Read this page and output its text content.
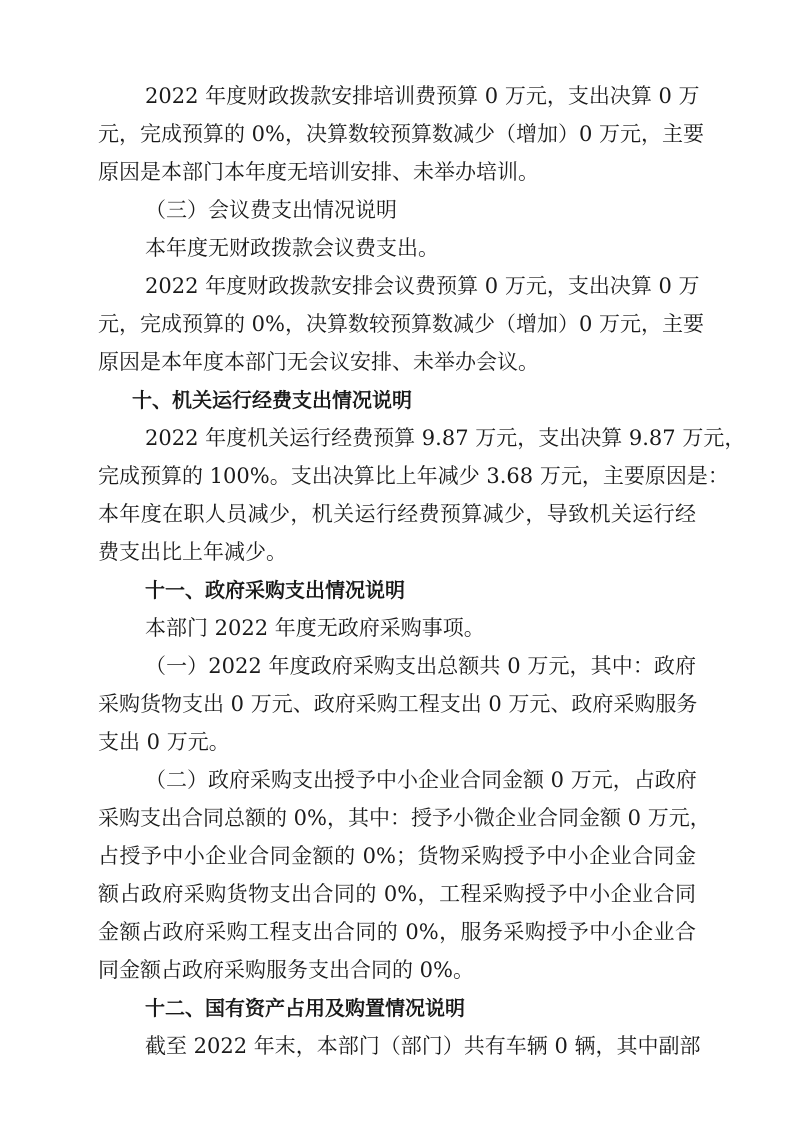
2022 年度财政拨款安排培训费预算 0 万元，支出决算 0 万
元，完成预算的 0%，决算数较预算数减少（增加）0 万元，主要
原因是本部门本年度无培训安排、未举办培训。
（三）会议费支出情况说明
本年度无财政拨款会议费支出。
2022 年度财政拨款安排会议费预算 0 万元，支出决算 0 万
元，完成预算的 0%，决算数较预算数减少（增加）0 万元，主要
原因是本年度本部门无会议安排、未举办会议。
十、机关运行经费支出情况说明
2022 年度机关运行经费预算 9.87 万元，支出决算 9.87 万元，
完成预算的 100%。支出决算比上年减少 3.68 万元，主要原因是：
本年度在职人员减少，机关运行经费预算减少，导致机关运行经
费支出比上年减少。
十一、政府采购支出情况说明
本部门 2022 年度无政府采购事项。
（一）2022 年度政府采购支出总额共 0 万元，其中：政府
采购货物支出 0 万元、政府采购工程支出 0 万元、政府采购服务
支出 0 万元。
（二）政府采购支出授予中小企业合同金额 0 万元，占政府
采购支出合同总额的 0%，其中：授予小微企业合同金额 0 万元，
占授予中小企业合同金额的 0%；货物采购授予中小企业合同金
额占政府采购货物支出合同的 0%，工程采购授予中小企业合同
金额占政府采购工程支出合同的 0%，服务采购授予中小企业合
同金额占政府采购服务支出合同的 0%。
十二、国有资产占用及购置情况说明
截至 2022 年末，本部门（部门）共有车辆 0 辆，其中副部
